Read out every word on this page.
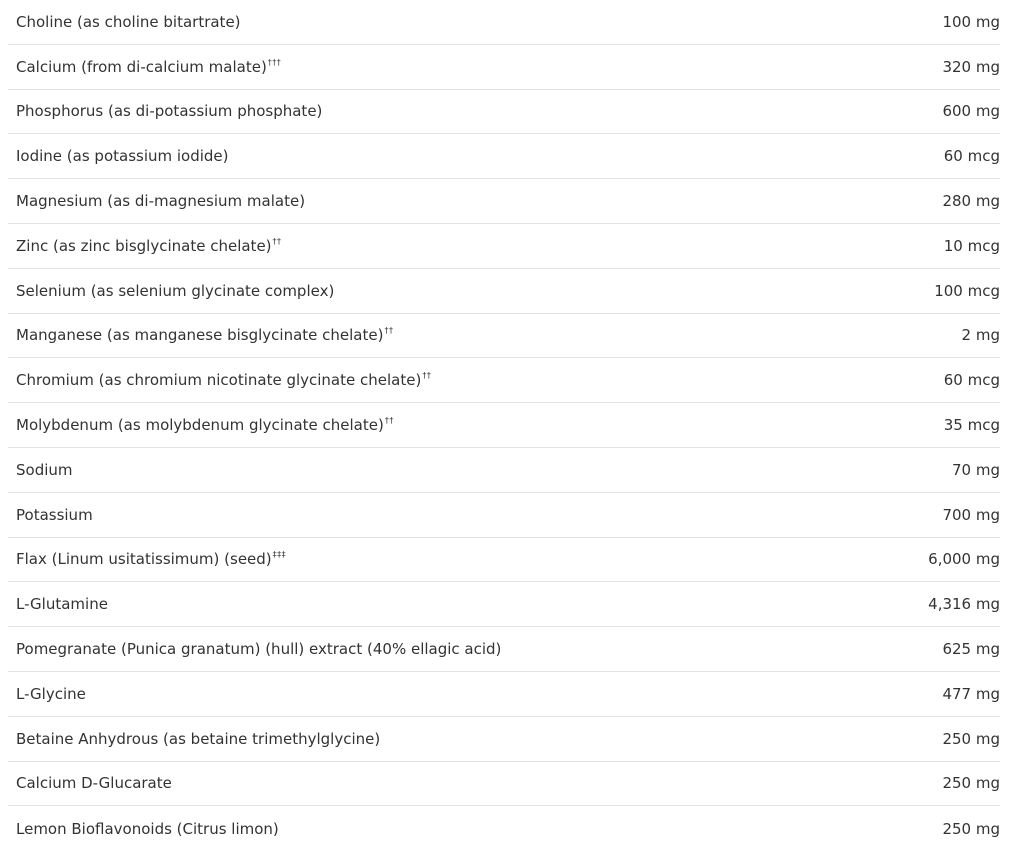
Choline (as choline bitartrate)	100 mg
Calcium (from di-calcium malate)†††	320 mg
Phosphorus (as di-potassium phosphate)	600 mg
Iodine (as potassium iodide)	60 mcg
Magnesium (as di-magnesium malate)	280 mg
Zinc (as zinc bisglycinate chelate)††	10 mcg
Selenium (as selenium glycinate complex)	100 mcg
Manganese (as manganese bisglycinate chelate)††	2 mg
Chromium (as chromium nicotinate glycinate chelate)††	60 mcg
Molybdenum (as molybdenum glycinate chelate)††	35 mcg
Sodium	70 mg
Potassium	700 mg
Flax (Linum usitatissimum) (seed)‡‡‡	6,000 mg
L-Glutamine	4,316 mg
Pomegranate (Punica granatum) (hull) extract (40% ellagic acid)	625 mg
L-Glycine	477 mg
Betaine Anhydrous (as betaine trimethylglycine)	250 mg
Calcium D-Glucarate	250 mg
Lemon Bioflavonoids (Citrus limon)	250 mg
